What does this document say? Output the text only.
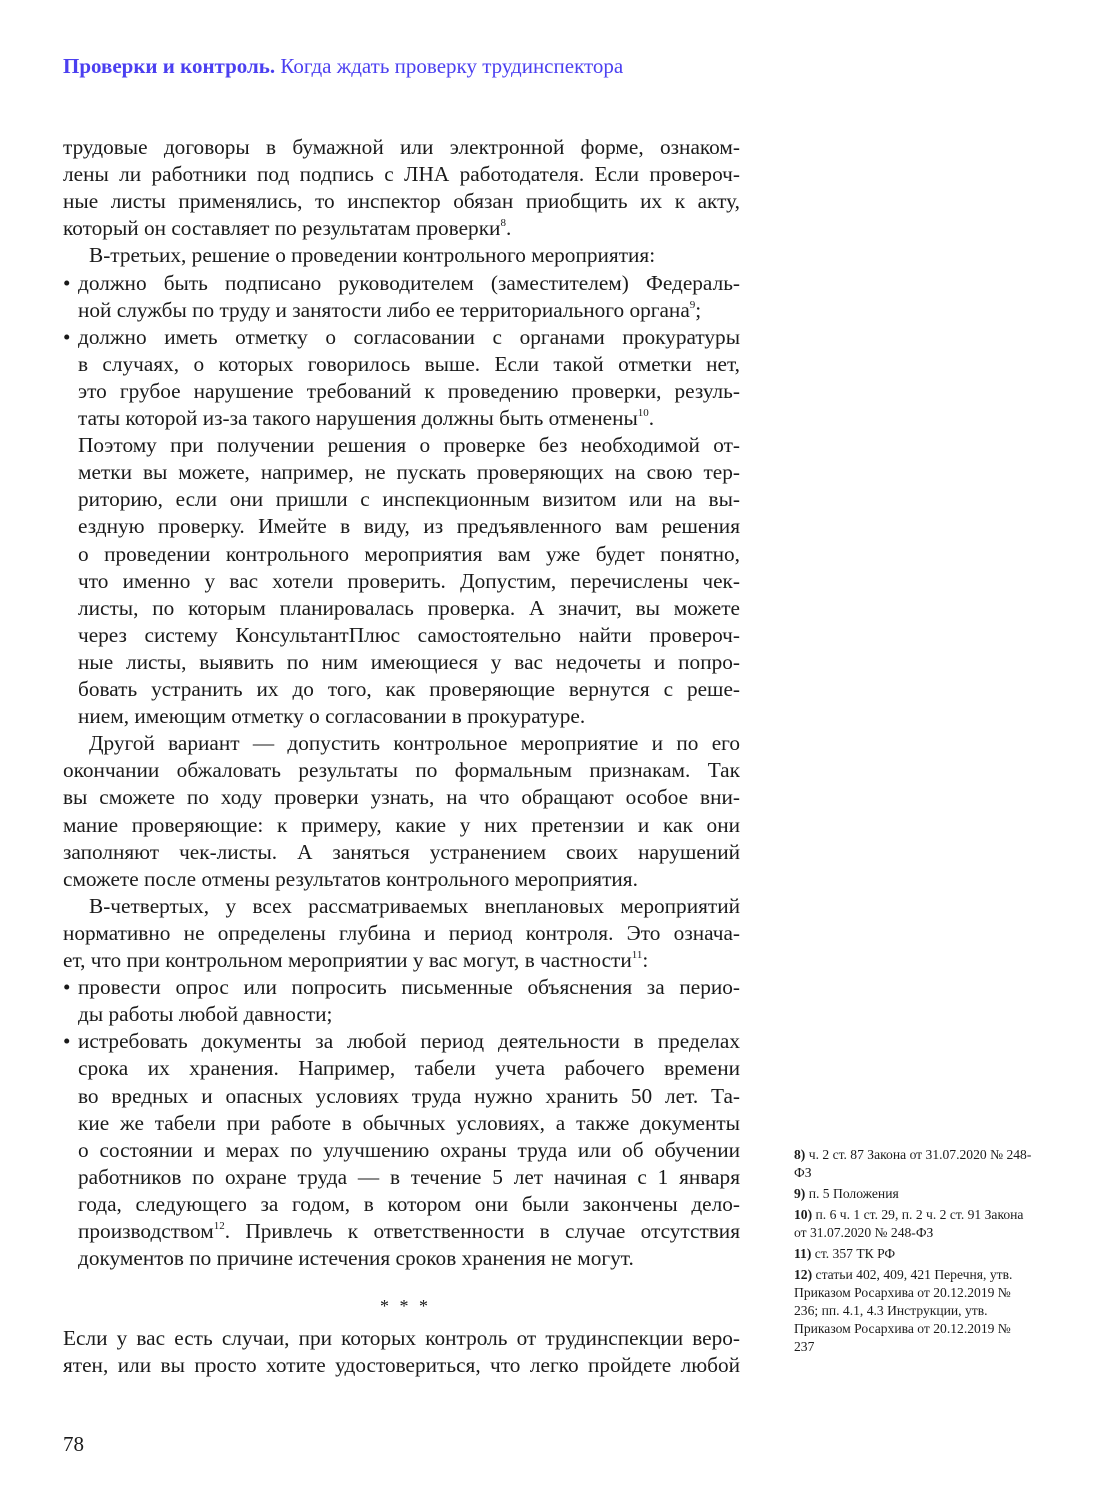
Проверки и контроль. Когда ждать проверку трудинспектора
трудовые договоры в бумажной или электронной форме, ознаком-
лены ли работники под подпись с ЛНА работодателя. Если провероч-
ные листы применялись, то инспектор обязан приобщить их к акту,
который он составляет по результатам проверки$^8$.
В-третьих, решение о проведении контрольного мероприятия:
• должно быть подписано руководителем (заместителем) Федераль-
ной службы по труду и занятости либо ее территориального органа$^9$;
• должно иметь отметку о согласовании с органами прокуратуры
в случаях, о которых говорилось выше. Если такой отметки нет,
это грубое нарушение требований к проведению проверки, резуль-
таты которой из-за такого нарушения должны быть отменены$^{10}$.
Поэтому при получении решения о проверке без необходимой от-
метки вы можете, например, не пускать проверяющих на свою тер-
риторию, если они пришли с инспекционным визитом или на вы-
ездную проверку. Имейте в виду, из предъявленного вам решения
о проведении контрольного мероприятия вам уже будет понятно,
что именно у вас хотели проверить. Допустим, перечислены чек-
листы, по которым планировалась проверка. А значит, вы можете
через систему КонсультантПлюс самостоятельно найти провероч-
ные листы, выявить по ним имеющиеся у вас недочеты и попро-
бовать устранить их до того, как проверяющие вернутся с реше-
нием, имеющим отметку о согласовании в прокуратуре.
Другой вариант — допустить контрольное мероприятие и по его
окончании обжаловать результаты по формальным признакам. Так
вы сможете по ходу проверки узнать, на что обращают особое вни-
мание проверяющие: к примеру, какие у них претензии и как они
заполняют чек-листы. А заняться устранением своих нарушений
сможете после отмены результатов контрольного мероприятия.
В-четвертых, у всех рассматриваемых внеплановых мероприятий
нормативно не определены глубина и период контроля. Это означа-
ет, что при контрольном мероприятии у вас могут, в частности$^{11}$:
• провести опрос или попросить письменные объяснения за перио-
ды работы любой давности;
• истребовать документы за любой период деятельности в пределах
срока их хранения. Например, табели учета рабочего времени
во вредных и опасных условиях труда нужно хранить 50 лет. Та-
кие же табели при работе в обычных условиях, а также документы
о состоянии и мерах по улучшению охраны труда или об обучении
работников по охране труда — в течение 5 лет начиная с 1 января
года, следующего за годом, в котором они были закончены дело-
производством$^{12}$. Привлечь к ответственности в случае отсутствия
документов по причине истечения сроков хранения не могут.
Если у вас есть случаи, при которых контроль от трудинспекции веро-
ятен, или вы просто хотите удостовериться, что легко пройдете любой
* * *
8) ч. 2 ст. 87 Закона от 31.07.2020 № 248-ФЗ
9) п. 5 Положения
10) п. 6 ч. 1 ст. 29, п. 2 ч. 2 ст. 91 Закона от 31.07.2020 № 248-ФЗ
11) ст. 357 ТК РФ
12) статьи 402, 409, 421 Перечня, утв. Приказом Росархива от 20.12.2019 № 236; пп. 4.1, 4.3 Инструкции, утв. Приказом Росархива от 20.12.2019 № 237
78
